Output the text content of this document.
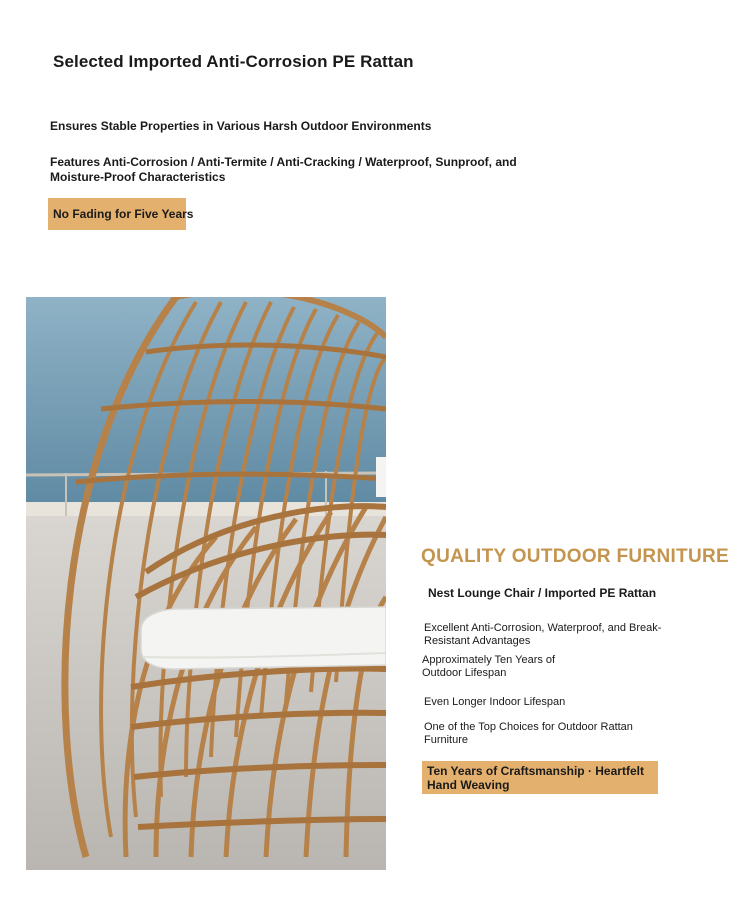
Selected Imported Anti-Corrosion PE Rattan
Ensures Stable Properties in Various Harsh Outdoor Environments
Features Anti-Corrosion / Anti-Termite / Anti-Cracking / Waterproof, Sunproof, and Moisture-Proof Characteristics
No Fading for Five Years
QUALITY OUTDOOR FURNITURE
Nest Lounge Chair / Imported PE Rattan
Excellent Anti-Corrosion, Waterproof, and Break-Resistant Advantages
Approximately Ten Years of Outdoor Lifespan
Even Longer Indoor Lifespan
One of the Top Choices for Outdoor Rattan Furniture
Ten Years of Craftsmanship · Heartfelt Hand Weaving
